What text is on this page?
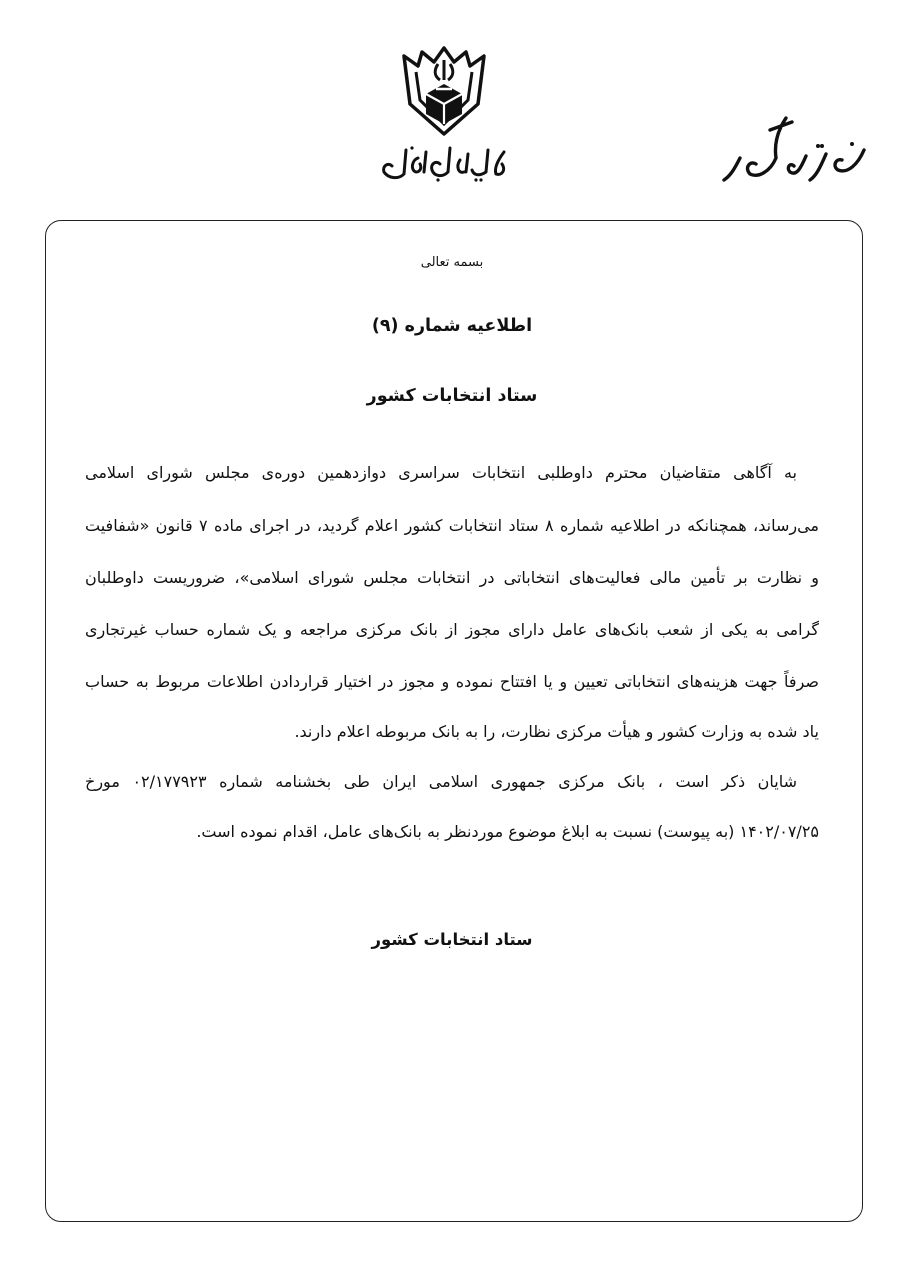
بسمه تعالی
اطلاعیه شماره (۹)
ستاد انتخابات کشور
به آگاهی متقاضیان محترم داوطلبی انتخابات سراسری دوازدهمین دوره‌ی مجلس شورای اسلامی
می‌رساند، همچنانکه در اطلاعیه شماره ۸ ستاد انتخابات کشور اعلام گردید، در اجرای ماده ۷ قانون «شفافیت
و نظارت بر تأمین مالی فعالیت‌های انتخاباتی در انتخابات مجلس شورای اسلامی»، ضروریست داوطلبان
گرامی به یکی از شعب بانک‌های عامل دارای مجوز از بانک مرکزی مراجعه و یک شماره حساب غیرتجاری
صرفاً جهت هزینه‌های انتخاباتی تعیین و یا افتتاح نموده و مجوز در اختیار قراردادن اطلاعات مربوط به حساب
یاد شده به وزارت کشور و هیأت مرکزی نظارت، را به بانک مربوطه اعلام دارند.
شایان ذکر است ، بانک مرکزی جمهوری اسلامی ایران طی بخشنامه شماره ۰۲/۱۷۷۹۲۳ مورخ
۱۴۰۲/۰۷/۲۵ (به پیوست) نسبت به ابلاغ موضوع موردنظر به بانک‌های عامل، اقدام نموده است.
ستاد انتخابات کشور
